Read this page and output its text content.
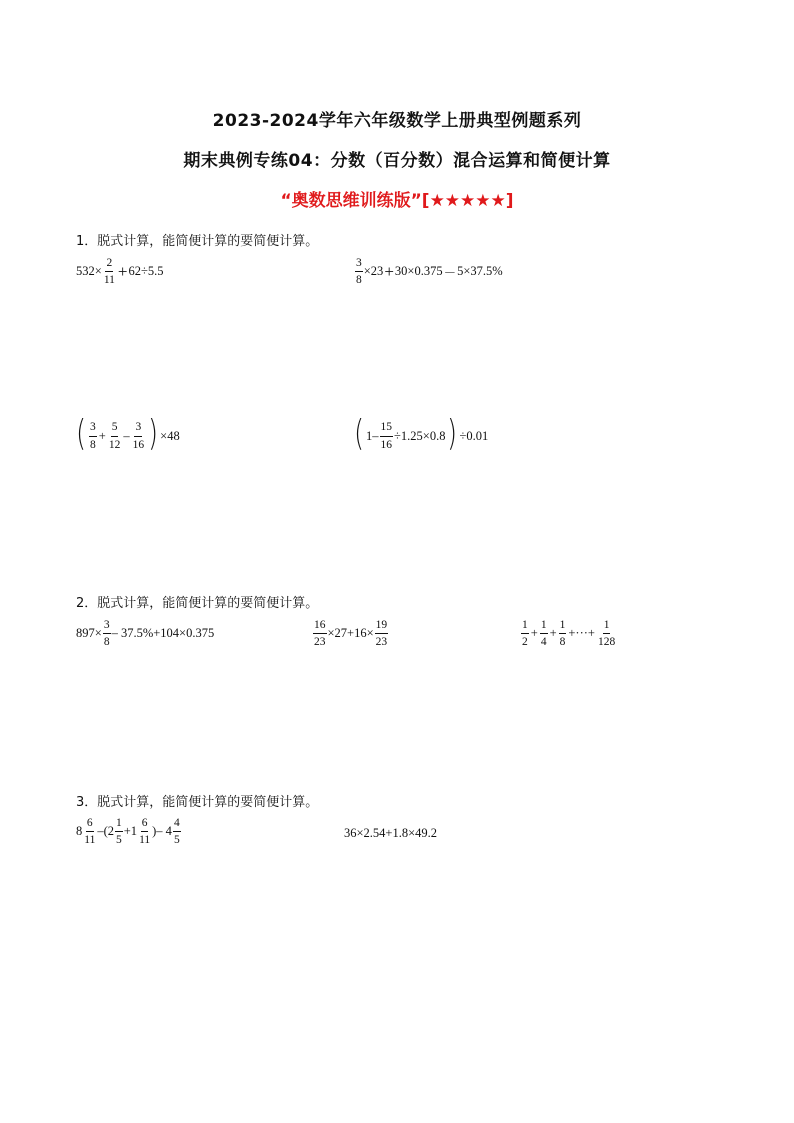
2023-2024学年六年级数学上册典型例题系列
期末典例专练04：分数（百分数）混合运算和简便计算
“奥数思维训练版”[★★★★★]
1．脱式计算，能简便计算的要简便计算。
$532\times \frac{2}{11} + 62\div 5.5$	$\frac{3}{8} \times 23 + 30\times 0.375 - 5\times 37.5\%$
( $\frac{3}{8} + \frac{5}{12} - \frac{3}{16}$ ) ×48	( $1- \frac{15}{16} \div 1.25\times 0.8$ ) ÷0.01
2．脱式计算，能简便计算的要简便计算。
$897\times \frac{3}{8} - 37.5\%+104\times 0.375$	$\frac{16}{23} \times 27+16\times \frac{19}{23}$	$\frac{1}{2} + \frac{1}{4} + \frac{1}{8}$ +···+ $\frac{1}{128}$
3．脱式计算，能简便计算的要简便计算。
$8 \frac{6}{11} -(2 \frac{1}{5} +1 \frac{6}{11}$ )– $4 \frac{4}{5}$	36×2.54+1.8×49.2
